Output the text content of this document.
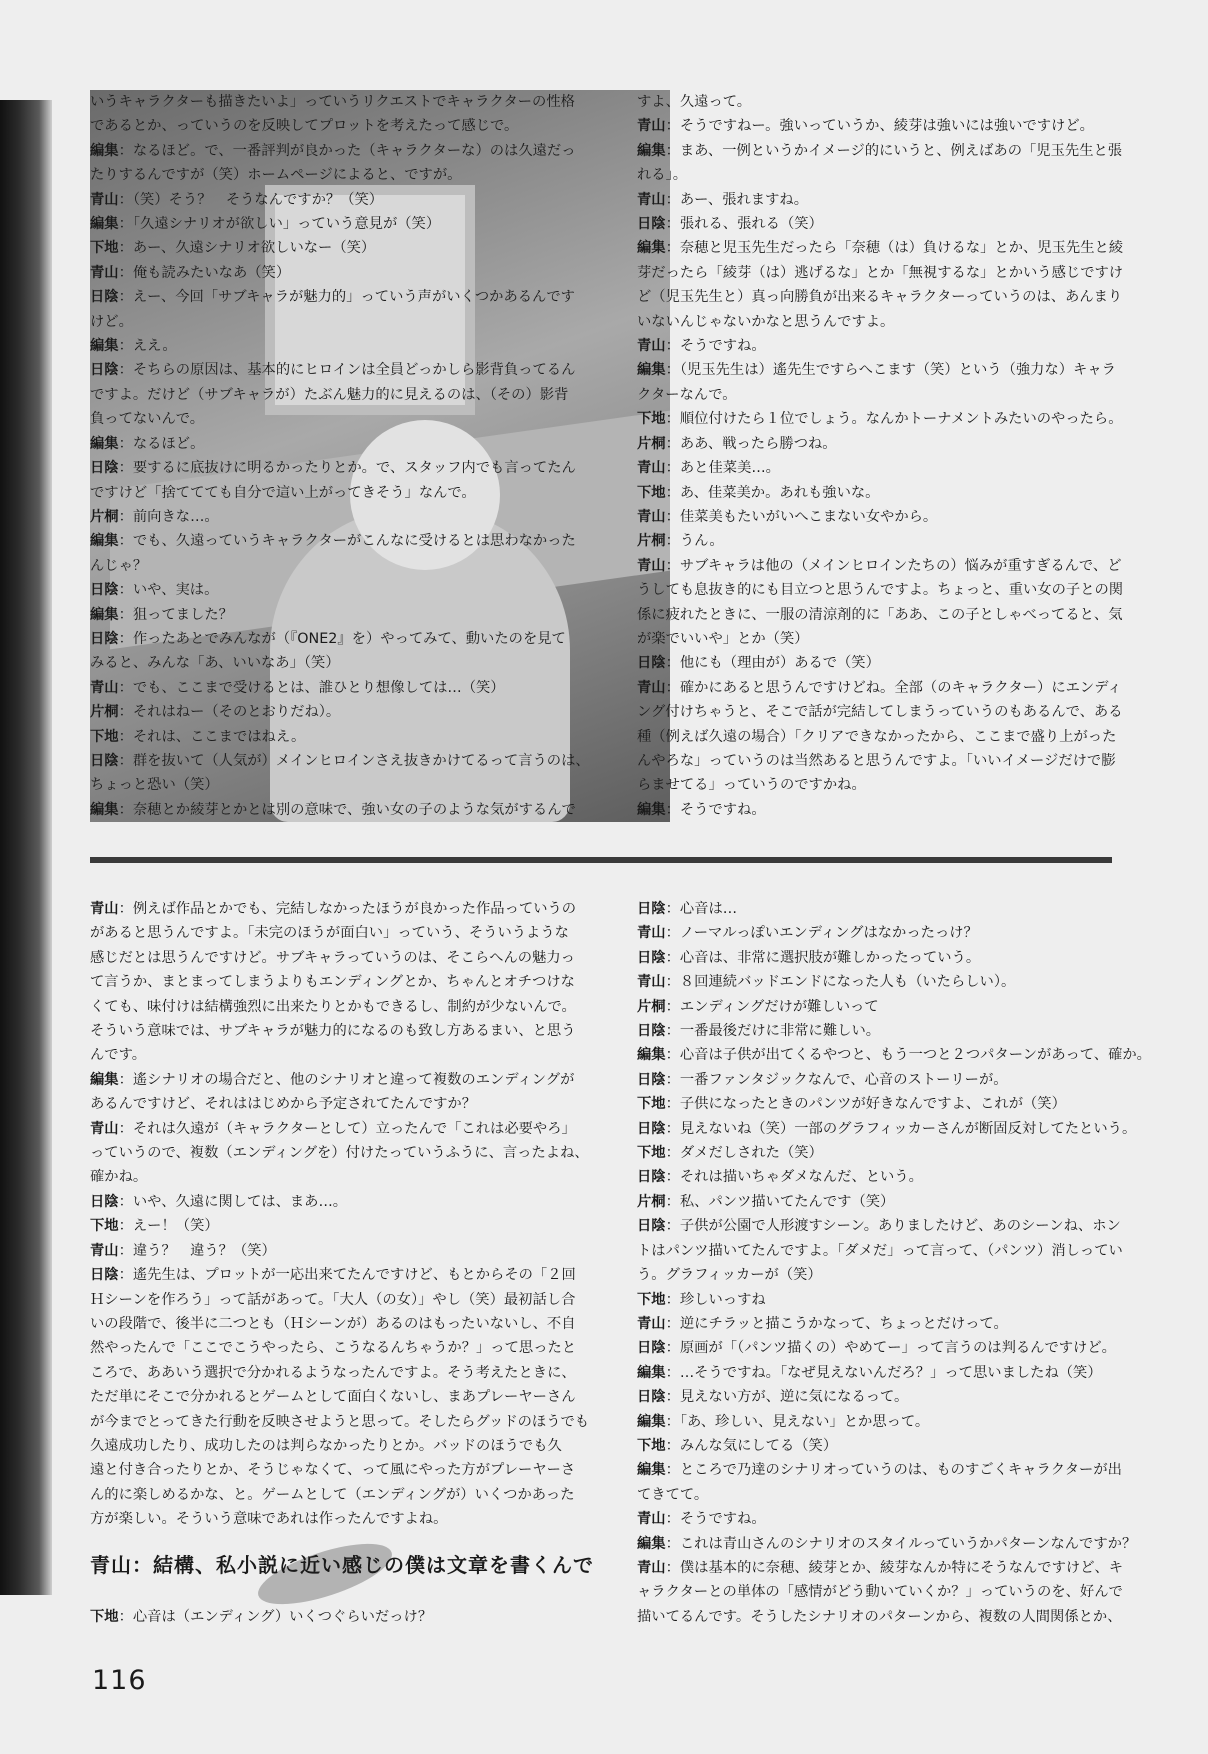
いうキャラクターも描きたいよ」っていうリクエストでキャラクターの性格

であるとか、っていうのを反映してプロットを考えたって感じで。

編集：なるほど。で、一番評判が良かった（キャラクターな）のは久遠だっ

たりするんですが（笑）ホームページによると、ですが。

青山：（笑）そう？　そうなんですか？（笑）

編集：「久遠シナリオが欲しい」っていう意見が（笑）

下地：あー、久遠シナリオ欲しいなー（笑）

青山：俺も読みたいなあ（笑）

日陰：えー、今回「サブキャラが魅力的」っていう声がいくつかあるんです

けど。

編集：ええ。

日陰：そちらの原因は、基本的にヒロインは全員どっかしら影背負ってるん

ですよ。だけど（サブキャラが）たぶん魅力的に見えるのは、（その）影背

負ってないんで。

編集：なるほど。

日陰：要するに底抜けに明るかったりとか。で、スタッフ内でも言ってたん

ですけど「捨ててても自分で這い上がってきそう」なんで。

片桐：前向きな…。

編集：でも、久遠っていうキャラクターがこんなに受けるとは思わなかった

んじゃ？

日陰：いや、実は。

編集：狙ってました？

日陰：作ったあとでみんなが（『ONE2』を）やってみて、動いたのを見て

みると、みんな「あ、いいなあ」（笑）

青山：でも、ここまで受けるとは、誰ひとり想像しては…（笑）

片桐：それはねー（そのとおりだね）。

下地：それは、ここまではねえ。

日陰：群を抜いて（人気が）メインヒロインさえ抜きかけてるって言うのは、

ちょっと恐い（笑）

編集：奈穂とか綾芽とかとは別の意味で、強い女の子のような気がするんで

すよ、久遠って。

青山：そうですねー。強いっていうか、綾芽は強いには強いですけど。

編集：まあ、一例というかイメージ的にいうと、例えばあの「児玉先生と張

れる」。

青山：あー、張れますね。

日陰：張れる、張れる（笑）

編集：奈穂と児玉先生だったら「奈穂（は）負けるな」とか、児玉先生と綾

芽だったら「綾芽（は）逃げるな」とか「無視するな」とかいう感じですけ

ど（児玉先生と）真っ向勝負が出来るキャラクターっていうのは、あんまり

いないんじゃないかなと思うんですよ。

青山：そうですね。

編集：（児玉先生は）遙先生ですらへこます（笑）という（強力な）キャラ

クターなんで。

下地：順位付けたら１位でしょう。なんかトーナメントみたいのやったら。

片桐：ああ、戦ったら勝つね。

青山：あと佳菜美…。

下地：あ、佳菜美か。あれも強いな。

青山：佳菜美もたいがいへこまない女やから。

片桐：うん。

青山：サブキャラは他の（メインヒロインたちの）悩みが重すぎるんで、ど

うしても息抜き的にも目立つと思うんですよ。ちょっと、重い女の子との関

係に疲れたときに、一服の清涼剤的に「ああ、この子としゃべってると、気

が楽でいいや」とか（笑）

日陰：他にも（理由が）あるで（笑）

青山：確かにあると思うんですけどね。全部（のキャラクター）にエンディ

ング付けちゃうと、そこで話が完結してしまうっていうのもあるんで、ある

種（例えば久遠の場合）「クリアできなかったから、ここまで盛り上がった

んやろな」っていうのは当然あると思うんですよ。「いいイメージだけで膨

らませてる」っていうのですかね。

編集：そうですね。

青山：例えば作品とかでも、完結しなかったほうが良かった作品っていうの

があると思うんですよ。「未完のほうが面白い」っていう、そういうような

感じだとは思うんですけど。サブキャラっていうのは、そこらへんの魅力っ

て言うか、まとまってしまうよりもエンディングとか、ちゃんとオチつけな

くても、味付けは結構強烈に出来たりとかもできるし、制約が少ないんで。

そういう意味では、サブキャラが魅力的になるのも致し方あるまい、と思う

んです。

編集：遙シナリオの場合だと、他のシナリオと違って複数のエンディングが

あるんですけど、それははじめから予定されてたんですか？

青山：それは久遠が（キャラクターとして）立ったんで「これは必要やろ」

っていうので、複数（エンディングを）付けたっていうふうに、言ったよね、

確かね。

日陰：いや、久遠に関しては、まあ…。

下地：えー！（笑）

青山：違う？　違う？（笑）

日陰：遙先生は、プロットが一応出来てたんですけど、もとからその「２回

Ｈシーンを作ろう」って話があって。「大人（の女）」やし（笑）最初話し合

いの段階で、後半に二つとも（Ｈシーンが）あるのはもったいないし、不自

然やったんで「ここでこうやったら、こうなるんちゃうか？」って思ったと

ころで、ああいう選択で分かれるようなったんですよ。そう考えたときに、

ただ単にそこで分かれるとゲームとして面白くないし、まあプレーヤーさん

が今までとってきた行動を反映させようと思って。そしたらグッドのほうでも

久遠成功したり、成功したのは判らなかったりとか。バッドのほうでも久

遠と付き合ったりとか、そうじゃなくて、って風にやった方がプレーヤーさ

ん的に楽しめるかな、と。ゲームとして（エンディングが）いくつかあった

方が楽しい。そういう意味であれは作ったんですよね。

日陰：心音は…

青山：ノーマルっぽいエンディングはなかったっけ？

日陰：心音は、非常に選択肢が難しかったっていう。

青山：８回連続バッドエンドになった人も（いたらしい）。

片桐：エンディングだけが難しいって

日陰：一番最後だけに非常に難しい。

編集：心音は子供が出てくるやつと、もう一つと２つパターンがあって、確か。

日陰：一番ファンタジックなんで、心音のストーリーが。

下地：子供になったときのパンツが好きなんですよ、これが（笑）

日陰：見えないね（笑）一部のグラフィッカーさんが断固反対してたという。

下地：ダメだしされた（笑）

日陰：それは描いちゃダメなんだ、という。

片桐：私、パンツ描いてたんです（笑）

日陰：子供が公園で人形渡すシーン。ありましたけど、あのシーンね、ホン

トはパンツ描いてたんですよ。「ダメだ」って言って、（パンツ）消しってい

う。グラフィッカーが（笑）

下地：珍しいっすね

青山：逆にチラッと描こうかなって、ちょっとだけって。

日陰：原画が「（パンツ描くの）やめてー」って言うのは判るんですけど。

編集：…そうですね。「なぜ見えないんだろ？」って思いましたね（笑）

日陰：見えない方が、逆に気になるって。

編集：「あ、珍しい、見えない」とか思って。

下地：みんな気にしてる（笑）

編集：ところで乃達のシナリオっていうのは、ものすごくキャラクターが出

てきてて。

青山：そうですね。

編集：これは青山さんのシナリオのスタイルっていうかパターンなんですか？

青山：僕は基本的に奈穂、綾芽とか、綾芽なんか特にそうなんですけど、キ

ャラクターとの単体の「感情がどう動いていくか？」っていうのを、好んで

描いてるんです。そうしたシナリオのパターンから、複数の人間関係とか、

青山：結構、私小説に近い感じの僕は文章を書くんで

下地：心音は（エンディング）いくつぐらいだっけ？

116
